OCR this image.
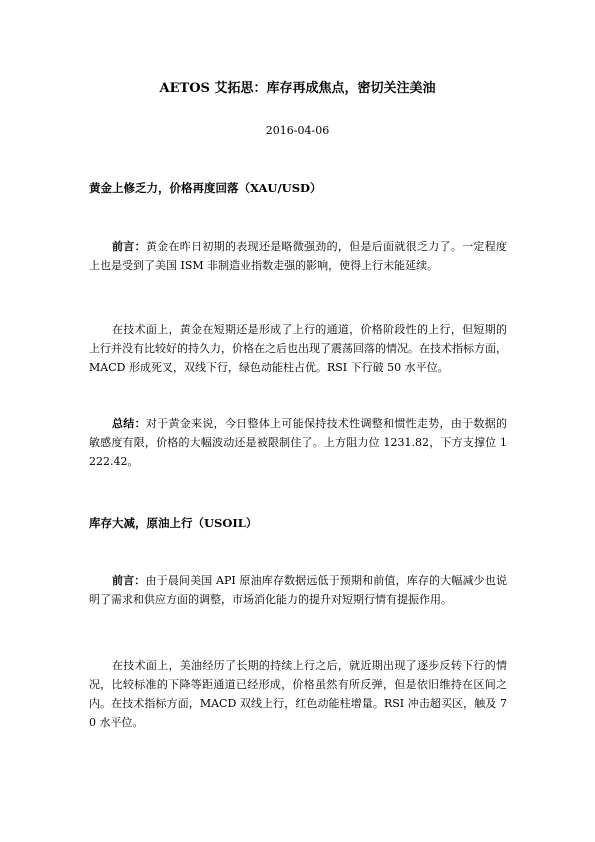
AETOS 艾拓思：库存再成焦点，密切关注美油
2016-04-06
黄金上修乏力，价格再度回落（XAU/USD）

前言：黄金在昨日初期的表现还是略微强劲的，但是后面就很乏力了。一定程度上也是受到了美国 ISM 非制造业指数走强的影响，使得上行未能延续。

在技术面上，黄金在短期还是形成了上行的通道，价格阶段性的上行，但短期的上行并没有比较好的持久力，价格在之后也出现了震荡回落的情况。在技术指标方面，MACD 形成死叉，双线下行，绿色动能柱占优。RSI 下行破 50 水平位。

总结：对于黄金来说，今日整体上可能保持技术性调整和惯性走势，由于数据的敏感度有限，价格的大幅波动还是被限制住了。上方阻力位 1231.82，下方支撑位 1222.42。

库存大减，原油上行（USOIL）

前言：由于晨间美国 API 原油库存数据远低于预期和前值，库存的大幅减少也说明了需求和供应方面的调整，市场消化能力的提升对短期行情有提振作用。

在技术面上，美油经历了长期的持续上行之后，就近期出现了逐步反转下行的情况，比较标准的下降等距通道已经形成，价格虽然有所反弹，但是依旧维持在区间之内。在技术指标方面，MACD 双线上行，红色动能柱增量。RSI 冲击超买区，触及 70 水平位。
